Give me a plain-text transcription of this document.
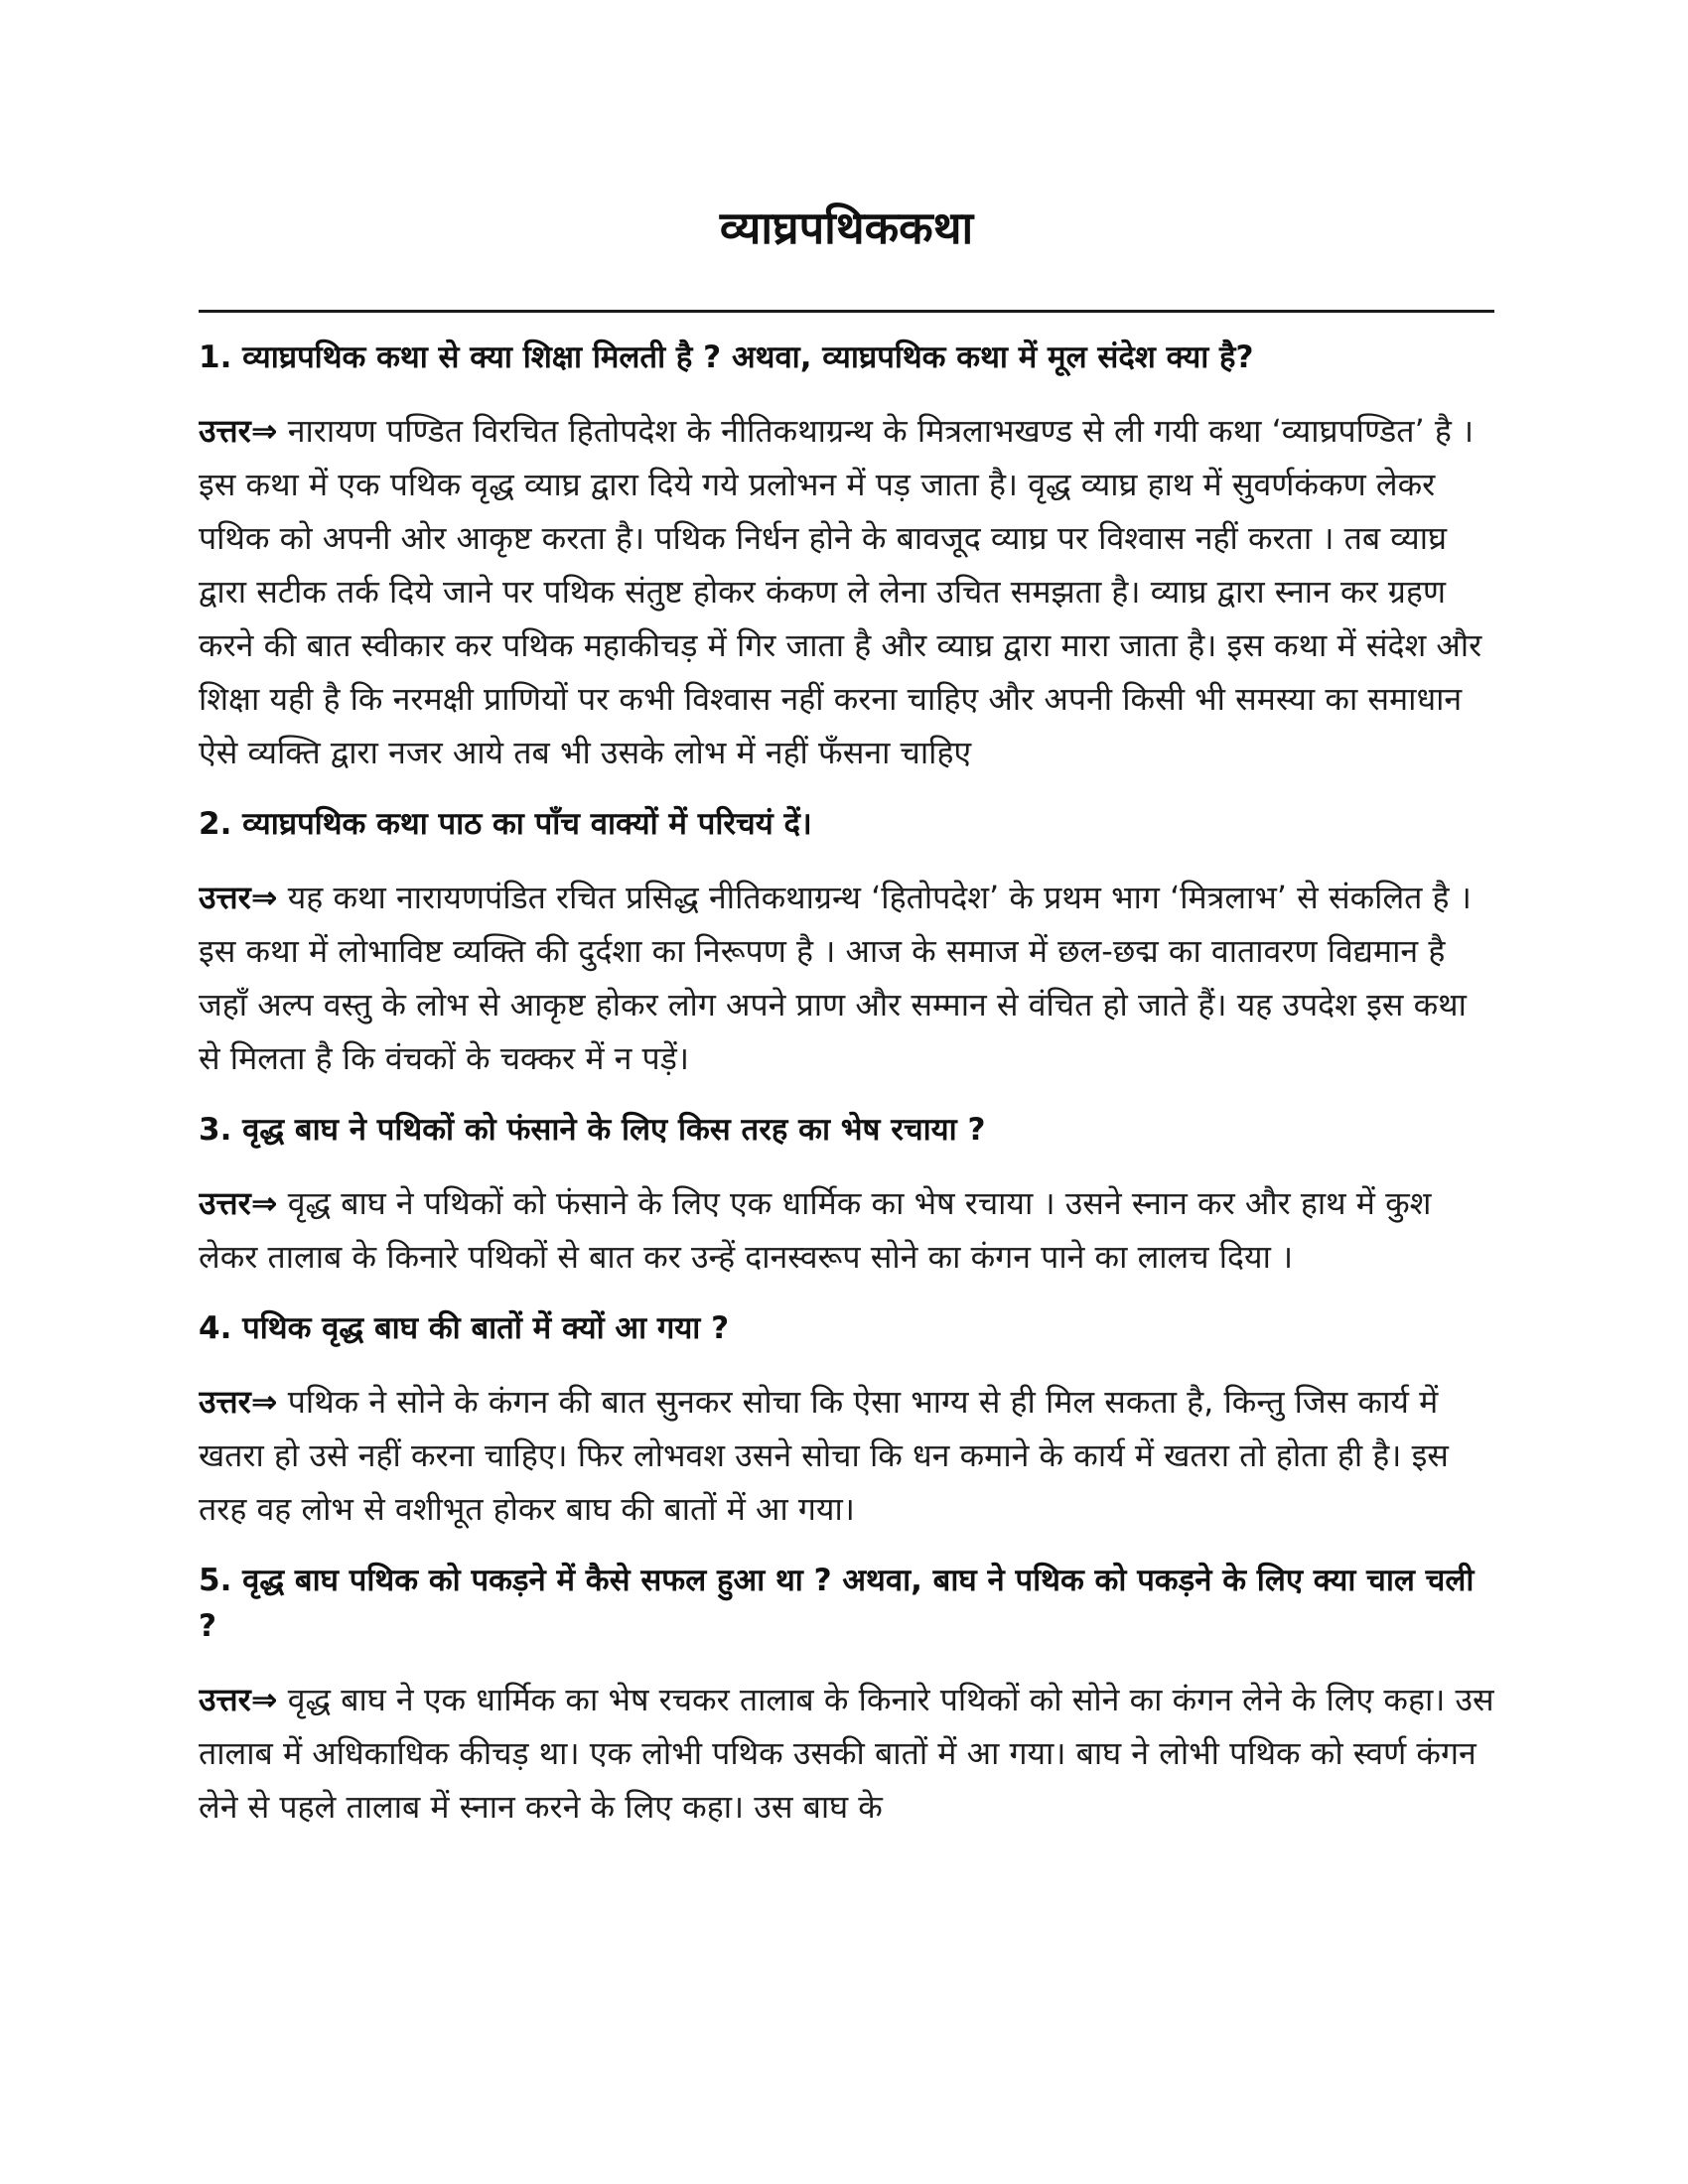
व्याघ्रपथिककथा

1. व्याघ्रपथिक कथा से क्या शिक्षा मिलती है ? अथवा, व्याघ्रपथिक कथा में मूल संदेश क्या है?

उत्तर⇒ नारायण पण्डित विरचित हितोपदेश के नीतिकथाग्रन्थ के मित्रलाभखण्ड से ली गयी कथा ‘व्याघ्रपण्डित’ है । इस कथा में एक पथिक वृद्ध व्याघ्र द्वारा दिये गये प्रलोभन में पड़ जाता है। वृद्ध व्याघ्र हाथ में सुवर्णकंकण लेकर पथिक को अपनी ओर आकृष्ट करता है। पथिक निर्धन होने के बावजूद व्याघ्र पर विश्वास नहीं करता । तब व्याघ्र द्वारा सटीक तर्क दिये जाने पर पथिक संतुष्ट होकर कंकण ले लेना उचित समझता है। व्याघ्र द्वारा स्नान कर ग्रहण करने की बात स्वीकार कर पथिक महाकीचड़ में गिर जाता है और व्याघ्र द्वारा मारा जाता है। इस कथा में संदेश और शिक्षा यही है कि नरमक्षी प्राणियों पर कभी विश्वास नहीं करना चाहिए और अपनी किसी भी समस्या का समाधान ऐसे व्यक्ति द्वारा नजर आये तब भी उसके लोभ में नहीं फँसना चाहिए

2. व्याघ्रपथिक कथा पाठ का पाँच वाक्यों में परिचयं दें।

उत्तर⇒ यह कथा नारायणपंडित रचित प्रसिद्ध नीतिकथाग्रन्थ ‘हितोपदेश’ के प्रथम भाग ‘मित्रलाभ’ से संकलित है । इस कथा में लोभाविष्ट व्यक्ति की दुर्दशा का निरूपण है । आज के समाज में छल-छद्म का वातावरण विद्यमान है जहाँ अल्प वस्तु के लोभ से आकृष्ट होकर लोग अपने प्राण और सम्मान से वंचित हो जाते हैं। यह उपदेश इस कथा से मिलता है कि वंचकों के चक्कर में न पड़ें।

3. वृद्ध बाघ ने पथिकों को फंसाने के लिए किस तरह का भेष रचाया ?

उत्तर⇒ वृद्ध बाघ ने पथिकों को फंसाने के लिए एक धार्मिक का भेष रचाया । उसने स्नान कर और हाथ में कुश लेकर तालाब के किनारे पथिकों से बात कर उन्हें दानस्वरूप सोने का कंगन पाने का लालच दिया ।

4. पथिक वृद्ध बाघ की बातों में क्यों आ गया ?

उत्तर⇒ पथिक ने सोने के कंगन की बात सुनकर सोचा कि ऐसा भाग्य से ही मिल सकता है, किन्तु जिस कार्य में खतरा हो उसे नहीं करना चाहिए। फिर लोभवश उसने सोचा कि धन कमाने के कार्य में खतरा तो होता ही है। इस तरह वह लोभ से वशीभूत होकर बाघ की बातों में आ गया।

5. वृद्ध बाघ पथिक को पकड़ने में कैसे सफल हुआ था ? अथवा, बाघ ने पथिक को पकड़ने के लिए क्या चाल चली ?

उत्तर⇒ वृद्ध बाघ ने एक धार्मिक का भेष रचकर तालाब के किनारे पथिकों को सोने का कंगन लेने के लिए कहा। उस तालाब में अधिकाधिक कीचड़ था। एक लोभी पथिक उसकी बातों में आ गया। बाघ ने लोभी पथिक को स्वर्ण कंगन लेने से पहले तालाब में स्नान करने के लिए कहा। उस बाघ के
